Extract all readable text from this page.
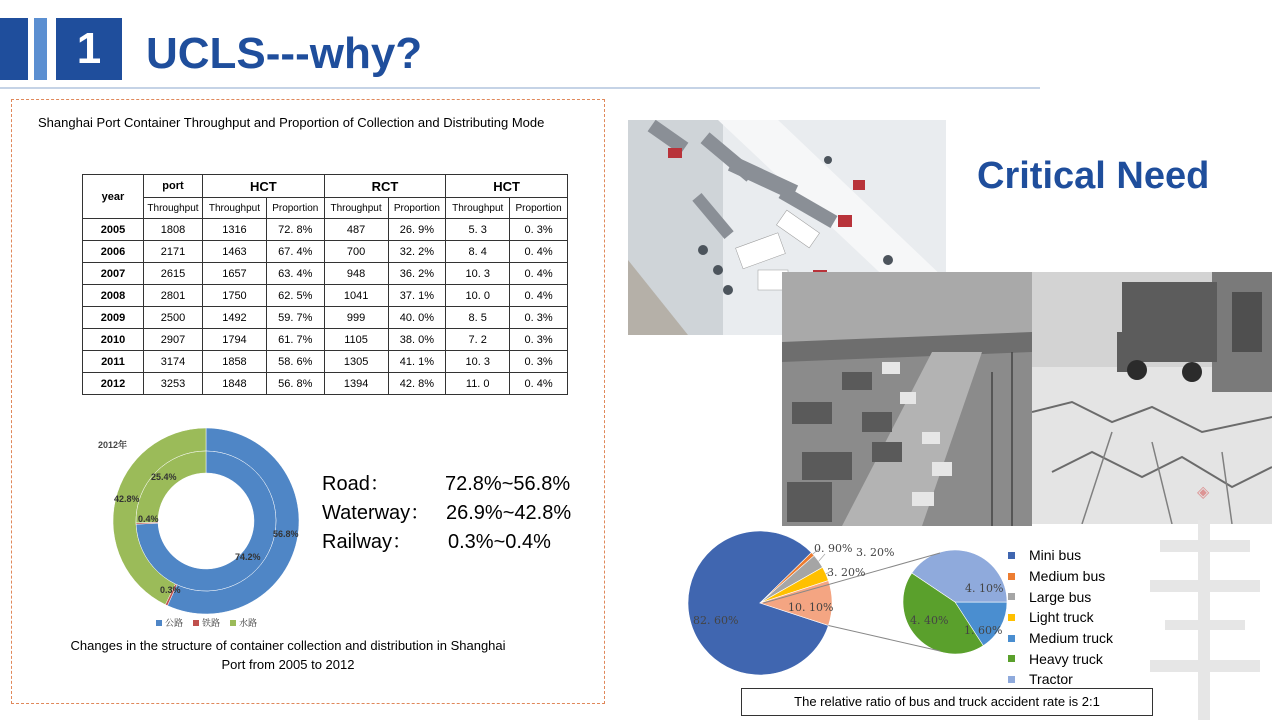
1	UCLS---why?
Shanghai Port Container Throughput and Proportion of Collection and Distributing Mode
year	port	HCT		RCT		HCT	
	Throughput	Throughput	Proportion	Throughput	Proportion	Throughput	Proportion
2005	1808	1316	72. 8%	487	26. 9%	5. 3	0. 3%
2006	2171	1463	67. 4%	700	32. 2%	8. 4	0. 4%
2007	2615	1657	63. 4%	948	36. 2%	10. 3	0. 4%
2008	2801	1750	62. 5%	1041	37. 1%	10. 0	0. 4%
2009	2500	1492	59. 7%	999	40. 0%	8. 5	0. 3%
2010	2907	1794	61. 7%	1105	38. 0%	7. 2	0. 3%
2011	3174	1858	58. 6%	1305	41. 1%	10. 3	0. 3%
2012	3253	1848	56. 8%	1394	42. 8%	11. 0	0. 4%
2012年
56.8%
42.8%
0.4%
74.2%
25.4%
0.3%
公路 铁路 水路
Road：	72.8%~56.8%
Waterway： 26.9%~42.8%
Railway： 0.3%~0.4%
Changes in the structure of container collection and distribution in Shanghai
Port from 2005 to 2012
◈
Critical Need
82. 60%
0. 90% 3. 20%
3. 20%
10. 10%
4. 10%
4. 40%
1. 60%
Mini bus
Medium bus
Large bus
Light truck
Medium truck
Heavy truck
Tractor
The relative ratio of bus and truck accident rate is 2:1
